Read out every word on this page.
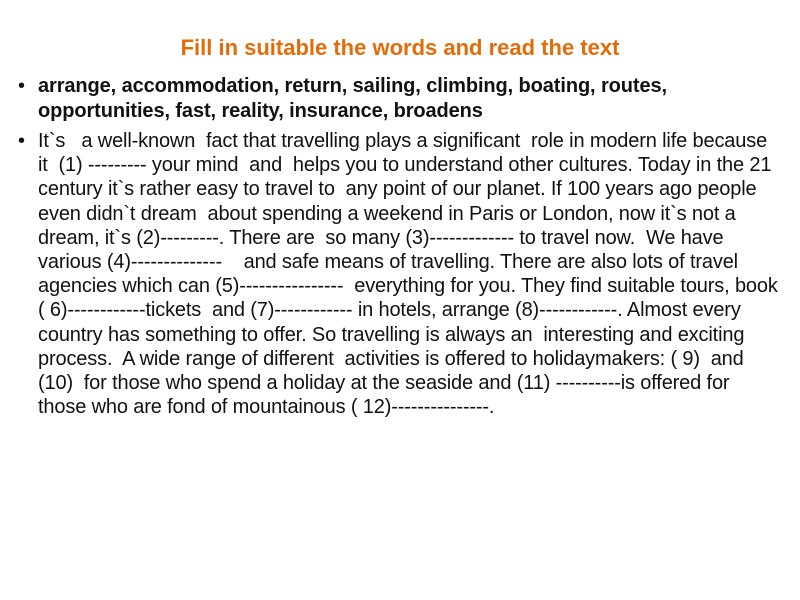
Fill in suitable the words and read the text
• arrange, accommodation, return, sailing, climbing, boating, routes, opportunities, fast, reality, insurance, broadens
• It`s   a well-known  fact that travelling plays a significant  role in modern life because it  (1) --------- your mind  and  helps you to understand other cultures. Today in the 21 century it`s rather easy to travel to  any point of our planet. If 100 years ago people even didn`t dream  about spending a weekend in Paris or London, now it`s not a dream, it`s (2)---------. There are  so many (3)------------- to travel now.  We have various (4)--------------    and safe means of travelling. There are also lots of travel agencies which can (5)----------------  everything for you. They find suitable tours, book ( 6)------------tickets  and (7)------------ in hotels, arrange (8)------------. Almost every country has something to offer. So travelling is always an  interesting and exciting process.  A wide range of different  activities is offered to holidaymakers: ( 9)  and (10)  for those who spend a holiday at the seaside and (11) ----------is offered for those who are fond of mountainous ( 12)---------------.
